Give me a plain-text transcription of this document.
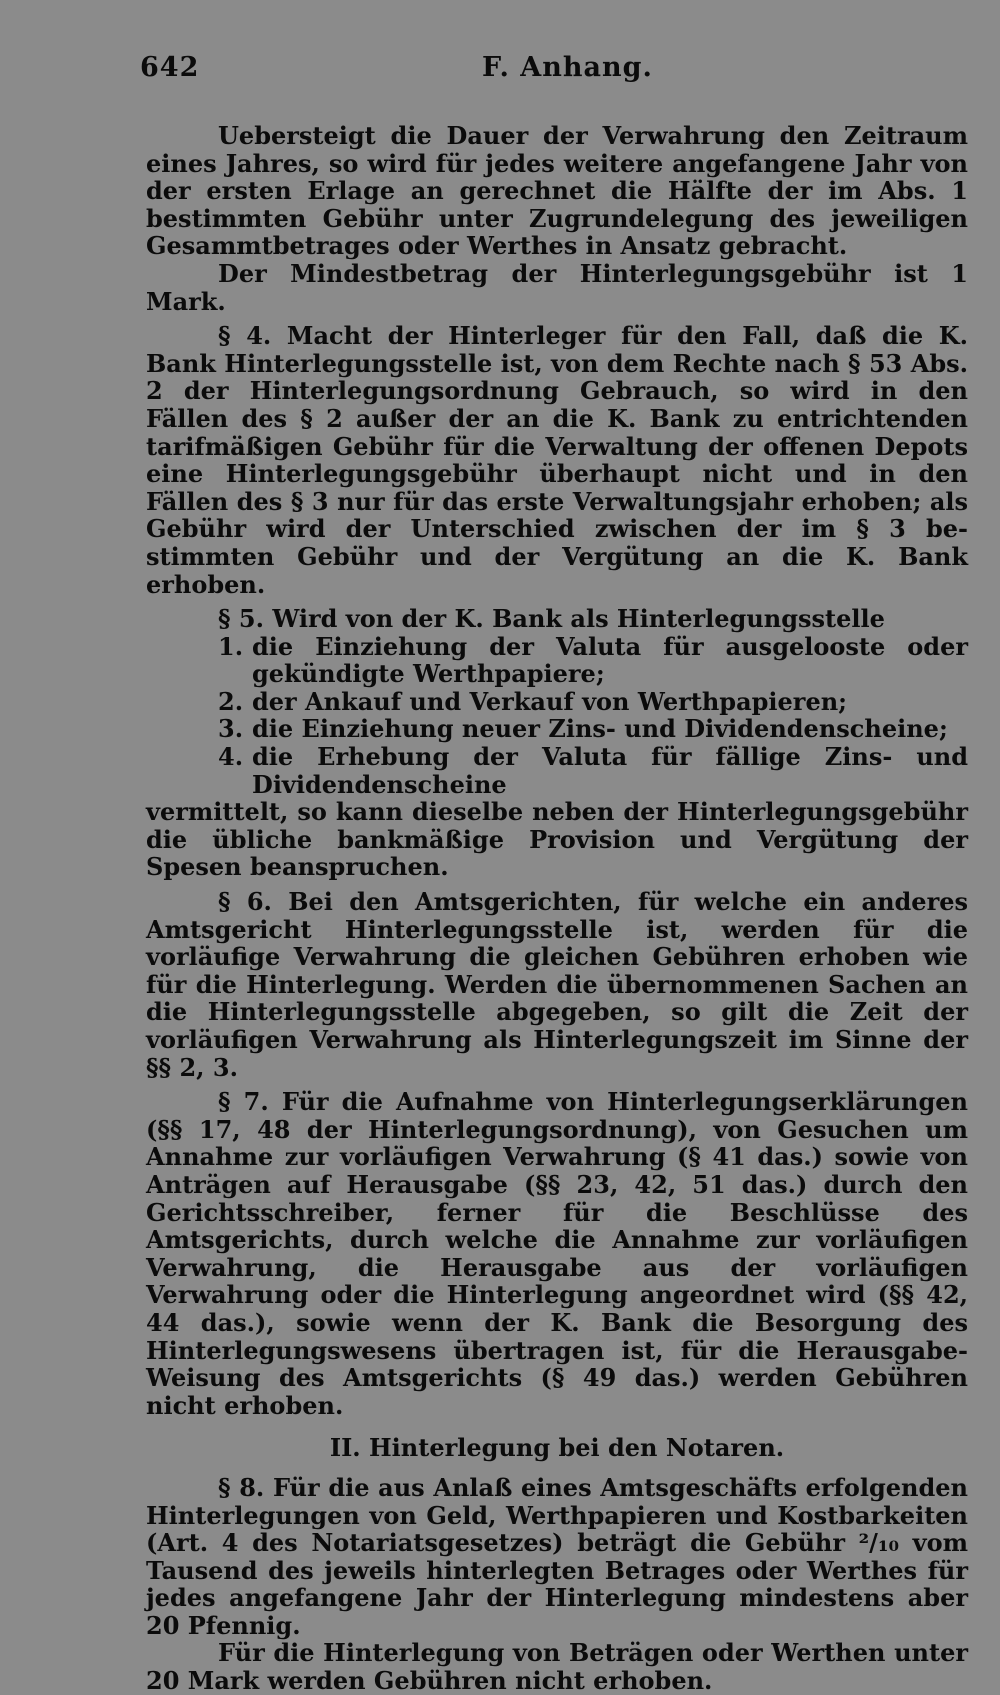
642	F. Anhang.

Uebersteigt die Dauer der Verwahrung den Zeitraum eines Jahres, so wird für jedes weitere angefangene Jahr von der ersten Erlage an gerechnet die Hälfte der im Abs. 1 bestimmten Gebühr unter Zugrundelegung des jeweiligen Gesammtbetrages oder Werthes in Ansatz gebracht.

Der Mindestbetrag der Hinterlegungsgebühr ist 1 Mark.

§ 4. Macht der Hinterleger für den Fall, daß die K. Bank Hinterlegungsstelle ist, von dem Rechte nach § 53 Abs. 2 der Hinterlegungsordnung Gebrauch, so wird in den Fällen des § 2 außer der an die K. Bank zu entrichtenden tarifmäßigen Gebühr für die Verwaltung der offenen Depots eine Hinterlegungsgebühr überhaupt nicht und in den Fällen des § 3 nur für das erste Verwaltungsjahr erhoben; als Gebühr wird der Unterschied zwischen der im § 3 bestimmten Gebühr und der Vergütung an die K. Bank erhoben.

§ 5. Wird von der K. Bank als Hinterlegungsstelle

1. die Einziehung der Valuta für ausgelooste oder gekündigte Werthpapiere;
2. der Ankauf und Verkauf von Werthpapieren;
3. die Einziehung neuer Zins- und Dividendenscheine;
4. die Erhebung der Valuta für fällige Zins- und Dividendenscheine

vermittelt, so kann dieselbe neben der Hinterlegungsgebühr die übliche bankmäßige Provision und Vergütung der Spesen beanspruchen.

§ 6. Bei den Amtsgerichten, für welche ein anderes Amtsgericht Hinterlegungsstelle ist, werden für die vorläufige Verwahrung die gleichen Gebühren erhoben wie für die Hinterlegung. Werden die übernommenen Sachen an die Hinterlegungsstelle abgegeben, so gilt die Zeit der vorläufigen Verwahrung als Hinterlegungszeit im Sinne der §§ 2, 3.

§ 7. Für die Aufnahme von Hinterlegungserklärungen (§§ 17, 48 der Hinterlegungsordnung), von Gesuchen um Annahme zur vorläufigen Verwahrung (§ 41 das.) sowie von Anträgen auf Herausgabe (§§ 23, 42, 51 das.) durch den Gerichtsschreiber, ferner für die Beschlüsse des Amtsgerichts, durch welche die Annahme zur vorläufigen Verwahrung, die Herausgabe aus der vorläufigen Verwahrung oder die Hinterlegung angeordnet wird (§§ 42, 44 das.), sowie wenn der K. Bank die Besorgung des Hinterlegungswesens übertragen ist, für die Herausgabe-Weisung des Amtsgerichts (§ 49 das.) werden Gebühren nicht erhoben.

II. Hinterlegung bei den Notaren.

§ 8. Für die aus Anlaß eines Amtsgeschäfts erfolgenden Hinterlegungen von Geld, Werthpapieren und Kostbarkeiten (Art. 4 des Notariatsgesetzes) beträgt die Gebühr ²/₁₀ vom Tausend des jeweils hinterlegten Betrages oder Werthes für jedes angefangene Jahr der Hinterlegung mindestens aber 20 Pfennig.

Für die Hinterlegung von Beträgen oder Werthen unter 20 Mark werden Gebühren nicht erhoben.
